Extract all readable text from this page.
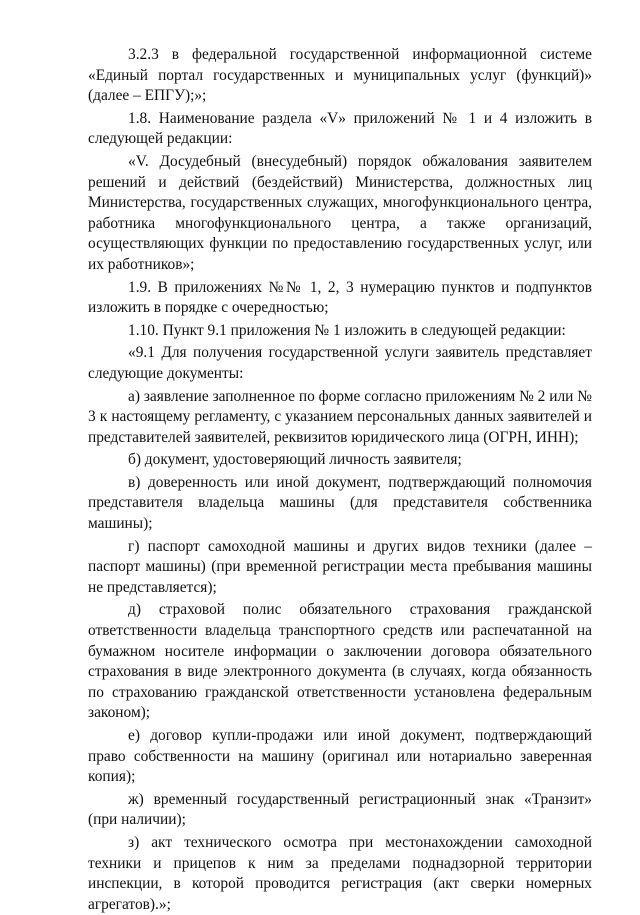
3.2.3 в федеральной государственной информационной системе «Единый портал государственных и муниципальных услуг (функций)» (далее – ЕПГУ);»;

1.8. Наименование раздела «V» приложений № 1 и 4 изложить в следующей редакции:

«V. Досудебный (внесудебный) порядок обжалования заявителем решений и действий (бездействий) Министерства, должностных лиц Министерства, государственных служащих, многофункционального центра, работника многофункционального центра, а также организаций, осуществляющих функции по предоставлению государственных услуг, или их работников»;

1.9. В приложениях №№ 1, 2, 3 нумерацию пунктов и подпунктов изложить в порядке с очередностью;

1.10. Пункт 9.1 приложения № 1 изложить в следующей редакции:

«9.1 Для получения государственной услуги заявитель представляет следующие документы:

а) заявление заполненное по форме согласно приложениям № 2 или № 3 к настоящему регламенту, с указанием персональных данных заявителей и представителей заявителей, реквизитов юридического лица (ОГРН, ИНН);

б) документ, удостоверяющий личность заявителя;

в) доверенность или иной документ, подтверждающий полномочия представителя владельца машины (для представителя собственника машины);

г) паспорт самоходной машины и других видов техники (далее – паспорт машины) (при временной регистрации места пребывания машины не представляется);

д) страховой полис обязательного страхования гражданской ответственности владельца транспортного средств или распечатанной на бумажном носителе информации о заключении договора обязательного страхования в виде электронного документа (в случаях, когда обязанность по страхованию гражданской ответственности установлена федеральным законом);

е) договор купли-продажи или иной документ, подтверждающий право собственности на машину (оригинал или нотариально заверенная копия);

ж) временный государственный регистрационный знак «Транзит» (при наличии);

з) акт технического осмотра при местонахождении самоходной техники и прицепов к ним за пределами поднадзорной территории инспекции, в которой проводится регистрация (акт сверки номерных агрегатов).»;
